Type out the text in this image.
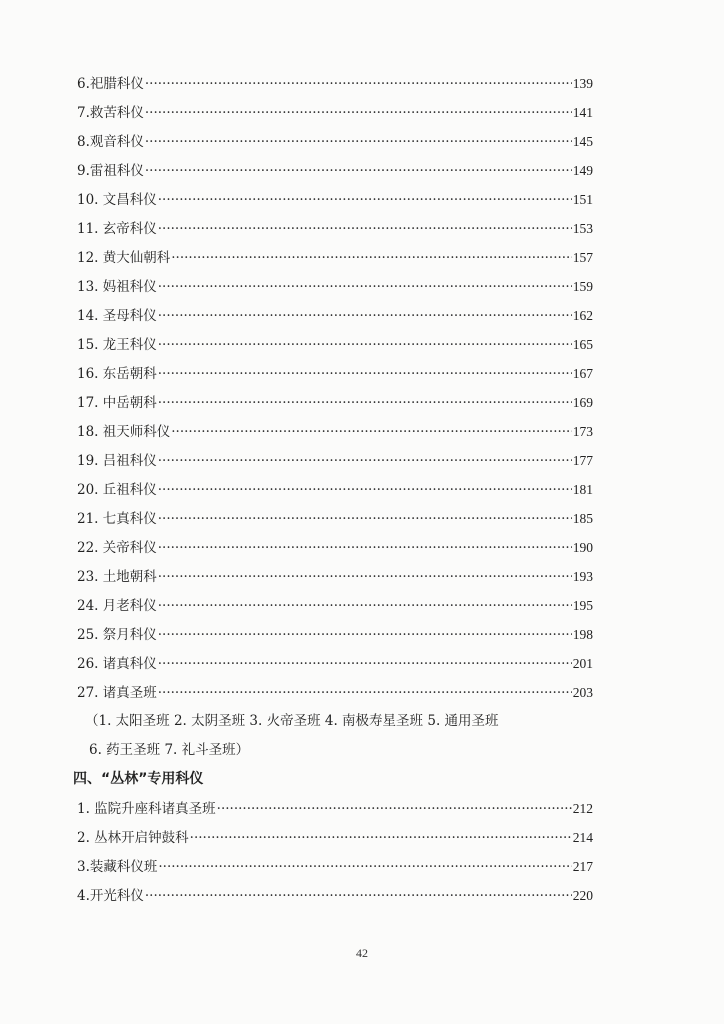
6.祀腊科仪 ·····	139
7.救苦科仪 ·····	141
8.观音科仪 ·····	145
9.雷祖科仪 ·····	149
10. 文昌科仪 ·····	151
11. 玄帝科仪 ·····	153
12. 黄大仙朝科 ·····	157
13. 妈祖科仪 ·····	159
14. 圣母科仪 ·····	162
15. 龙王科仪 ·····	165
16. 东岳朝科 ·····	167
17. 中岳朝科 ·····	169
18. 祖天师科仪 ·····	173
19. 吕祖科仪 ·····	177
20. 丘祖科仪 ·····	181
21. 七真科仪 ·····	185
22. 关帝科仪 ·····	190
23. 土地朝科 ·····	193
24. 月老科仪 ·····	195
25. 祭月科仪 ·····	198
26. 诸真科仪 ·····	201
27. 诸真圣班 ·····	203
（1. 太阳圣班 2. 太阴圣班 3. 火帝圣班 4. 南极寿星圣班 5. 通用圣班
6. 药王圣班 7. 礼斗圣班）
四、“丛林”专用科仪
1. 监院升座科诸真圣班 ·····	212
2. 丛林开启钟鼓科 ·····	214
3.装藏科仪班 ·····	217
4.开光科仪 ·····	220
42
